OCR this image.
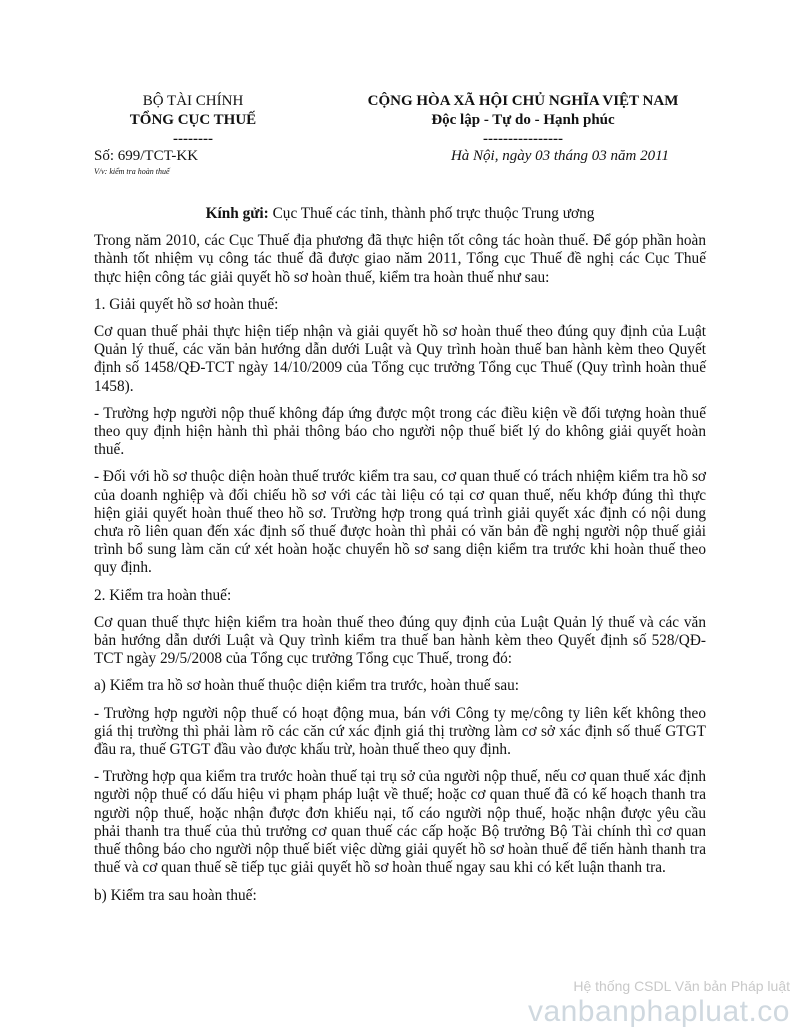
BỘ TÀI CHÍNH
TỔNG CỤC THUẾ
--------
CỘNG HÒA XÃ HỘI CHỦ NGHĨA VIỆT NAM
Độc lập - Tự do - Hạnh phúc
----------------
Số: 699/TCT-KK	Hà Nội, ngày 03 tháng 03 năm 2011
V/v: kiểm tra hoàn thuế
Kính gửi: Cục Thuế các tỉnh, thành phố trực thuộc Trung ương

Trong năm 2010, các Cục Thuế địa phương đã thực hiện tốt công tác hoàn thuế. Để góp phần hoàn thành tốt nhiệm vụ công tác thuế đã được giao năm 2011, Tổng cục Thuế đề nghị các Cục Thuế thực hiện công tác giải quyết hồ sơ hoàn thuế, kiểm tra hoàn thuế như sau:

1. Giải quyết hồ sơ hoàn thuế:

Cơ quan thuế phải thực hiện tiếp nhận và giải quyết hồ sơ hoàn thuế theo đúng quy định của Luật Quản lý thuế, các văn bản hướng dẫn dưới Luật và Quy trình hoàn thuế ban hành kèm theo Quyết định số 1458/QĐ-TCT ngày 14/10/2009 của Tổng cục trưởng Tổng cục Thuế (Quy trình hoàn thuế 1458).

- Trường hợp người nộp thuế không đáp ứng được một trong các điều kiện về đối tượng hoàn thuế theo quy định hiện hành thì phải thông báo cho người nộp thuế biết lý do không giải quyết hoàn thuế.

- Đối với hồ sơ thuộc diện hoàn thuế trước kiểm tra sau, cơ quan thuế có trách nhiệm kiểm tra hồ sơ của doanh nghiệp và đối chiếu hồ sơ với các tài liệu có tại cơ quan thuế, nếu khớp đúng thì thực hiện giải quyết hoàn thuế theo hồ sơ. Trường hợp trong quá trình giải quyết xác định có nội dung chưa rõ liên quan đến xác định số thuế được hoàn thì phải có văn bản đề nghị người nộp thuế giải trình bổ sung làm căn cứ xét hoàn hoặc chuyển hồ sơ sang diện kiểm tra trước khi hoàn thuế theo quy định.

2. Kiểm tra hoàn thuế:

Cơ quan thuế thực hiện kiểm tra hoàn thuế theo đúng quy định của Luật Quản lý thuế và các văn bản hướng dẫn dưới Luật và Quy trình kiểm tra thuế ban hành kèm theo Quyết định số 528/QĐ-TCT ngày 29/5/2008 của Tổng cục trưởng Tổng cục Thuế, trong đó:

a) Kiểm tra hồ sơ hoàn thuế thuộc diện kiểm tra trước, hoàn thuế sau:

- Trường hợp người nộp thuế có hoạt động mua, bán với Công ty mẹ/công ty liên kết không theo giá thị trường thì phải làm rõ các căn cứ xác định giá thị trường làm cơ sở xác định số thuế GTGT đầu ra, thuế GTGT đầu vào được khấu trừ, hoàn thuế theo quy định.

- Trường hợp qua kiểm tra trước hoàn thuế tại trụ sở của người nộp thuế, nếu cơ quan thuế xác định người nộp thuế có dấu hiệu vi phạm pháp luật về thuế; hoặc cơ quan thuế đã có kế hoạch thanh tra người nộp thuế, hoặc nhận được đơn khiếu nại, tố cáo người nộp thuế, hoặc nhận được yêu cầu phải thanh tra thuế của thủ trưởng cơ quan thuế các cấp hoặc Bộ trưởng Bộ Tài chính thì cơ quan thuế thông báo cho người nộp thuế biết việc dừng giải quyết hồ sơ hoàn thuế để tiến hành thanh tra thuế và cơ quan thuế sẽ tiếp tục giải quyết hồ sơ hoàn thuế ngay sau khi có kết luận thanh tra.

b) Kiểm tra sau hoàn thuế:

Hệ thống CSDL Văn bản Pháp luật
vanbanphapluat.co
